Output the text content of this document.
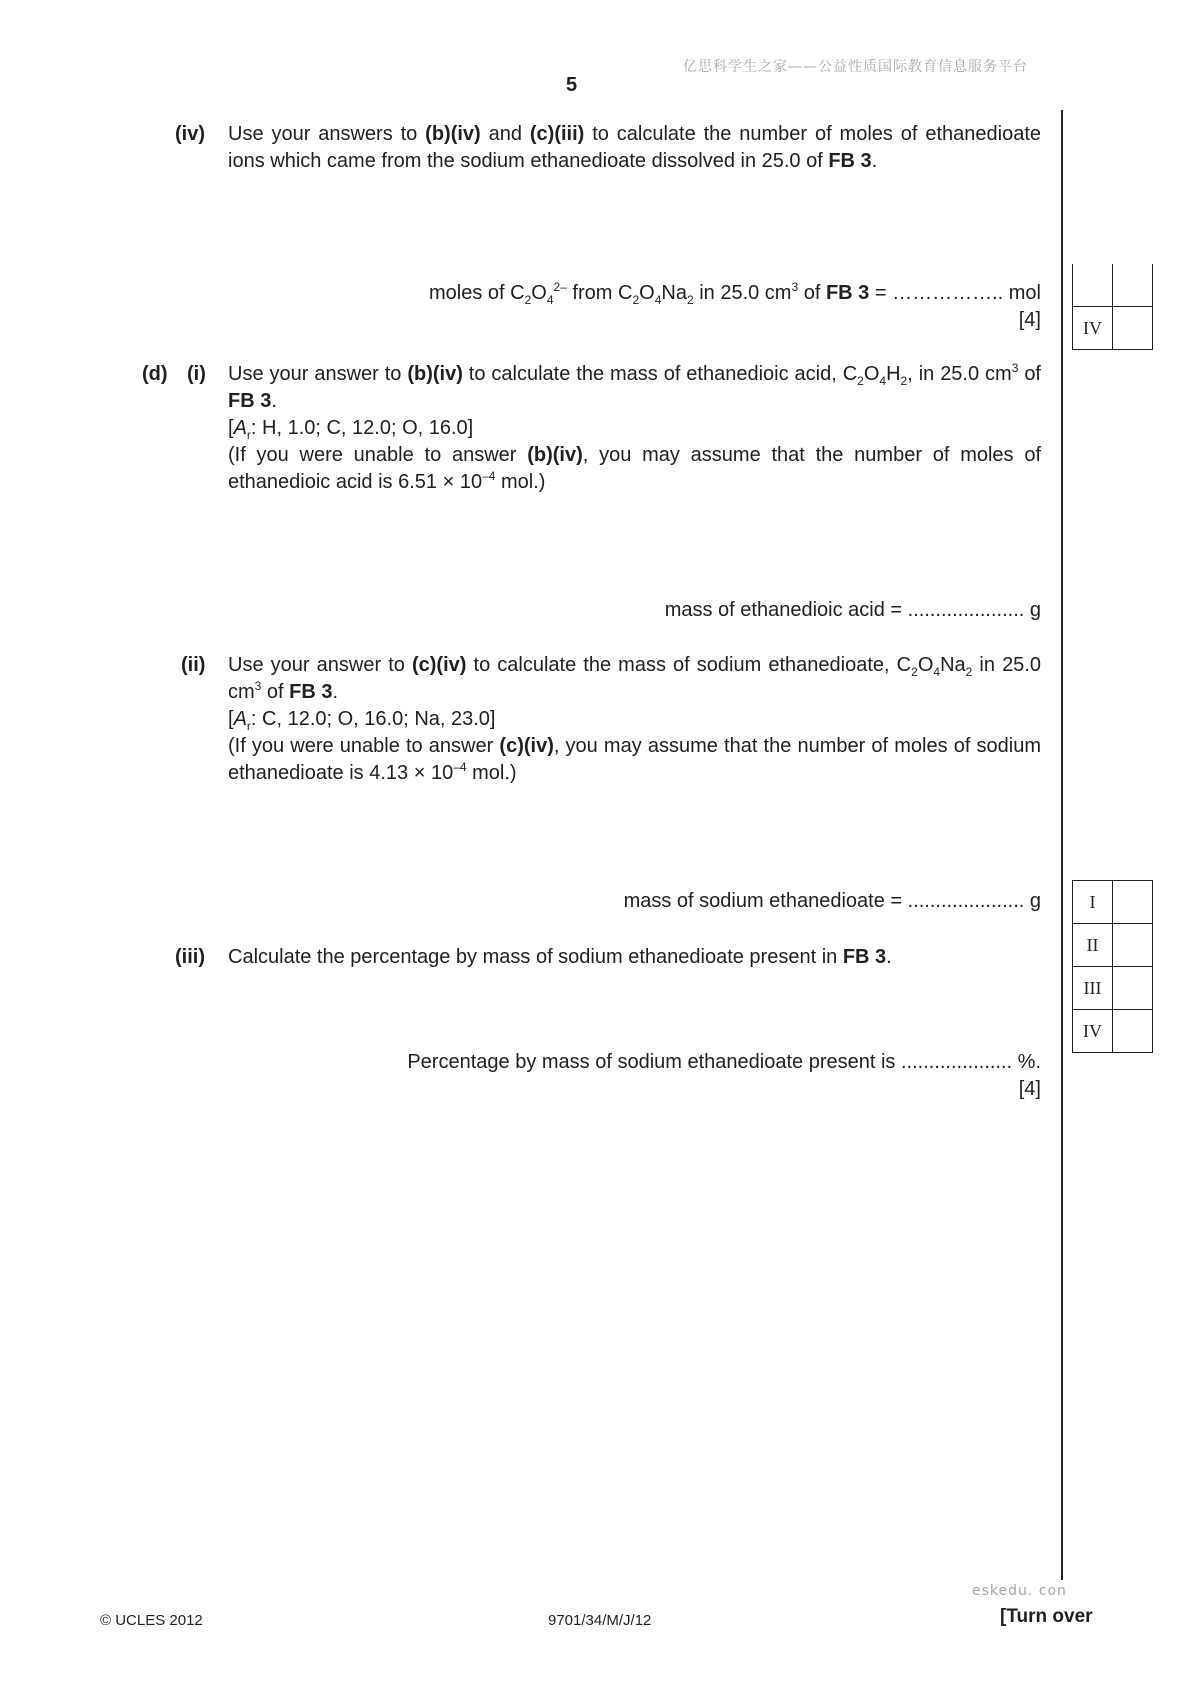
亿思科学生之家——公益性质国际教育信息服务平台
5
(iv) Use your answers to (b)(iv) and (c)(iii) to calculate the number of moles of ethanedioate ions which came from the sodium ethanedioate dissolved in 25.0 of FB 3.
moles of $C_2O_4^{2-}$ from $C_2O_4Na_2$ in 25.0 $cm^3$ of FB 3 = …………….. mol
[4]
	IV	
(d) (i) Use your answer to (b)(iv) to calculate the mass of ethanedioic acid, $C_2O_4H_2$, in 25.0 $cm^3$ of FB 3.
[$A_r$: H, 1.0; C, 12.0; O, 16.0]
(If you were unable to answer (b)(iv), you may assume that the number of moles of ethanedioic acid is $6.51 \times 10^{-4}$ mol.)
mass of ethanedioic acid = ..................... g
(ii) Use your answer to (c)(iv) to calculate the mass of sodium ethanedioate, $C_2O_4Na_2$ in 25.0 $cm^3$ of FB 3.
[$A_r$: C, 12.0; O, 16.0; Na, 23.0]
(If you were unable to answer (c)(iv), you may assume that the number of moles of sodium ethanedioate is $4.13 \times 10^{-4}$ mol.)
mass of sodium ethanedioate = ..................... g	I	
II	
III	
IV	
(iii) Calculate the percentage by mass of sodium ethanedioate present in FB 3.
Percentage by mass of sodium ethanedioate present is .................... %.
[4]
eskedu. con
© UCLES 2012	9701/34/M/J/12	[Turn over
